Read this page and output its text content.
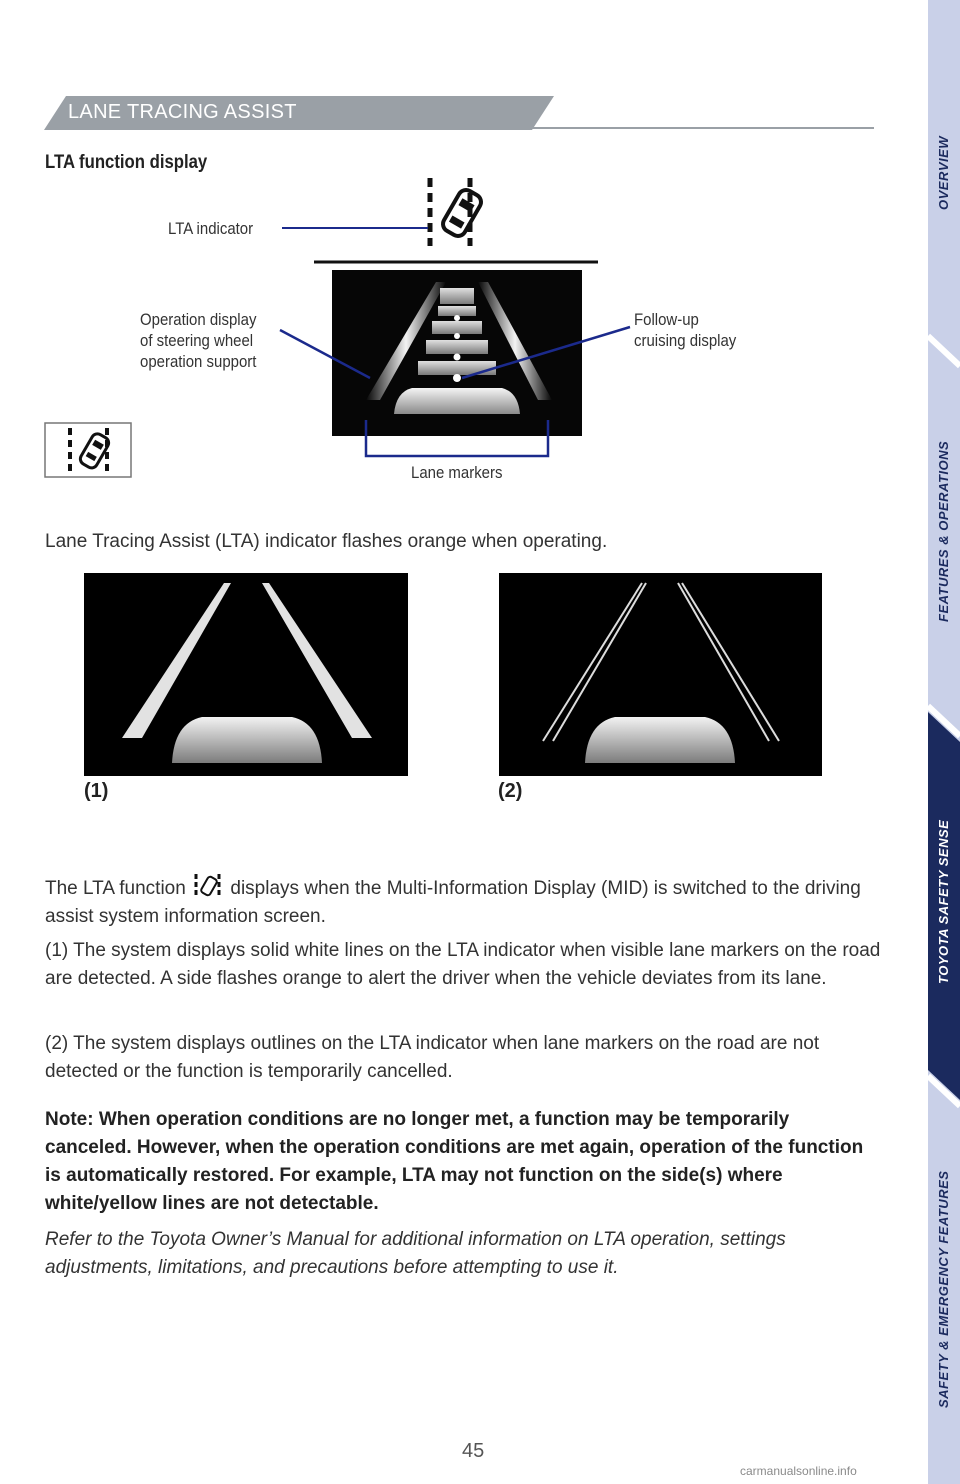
LANE TRACING ASSIST
LTA function display
LTA indicator
Operation display
of steering wheel
operation support
Follow-up
cruising display
Lane markers
Lane Tracing Assist (LTA) indicator flashes orange when operating.
(1)	(2)
The LTA function  displays when the Multi-Information Display (MID) is switched to the driving assist system information screen.
(1) The system displays solid white lines on the LTA indicator when visible lane markers on the road are detected. A side flashes orange to alert the driver when the vehicle deviates from its lane.
(2) The system displays outlines on the LTA indicator when lane markers on the road are not detected or the function is temporarily cancelled.
Note: When operation conditions are no longer met, a function may be temporarily canceled. However, when the operation conditions are met again, operation of the function is automatically restored. For example, LTA may not function on the side(s) where white/yellow lines are not detectable.
Refer to the Toyota Owner’s Manual for additional information on LTA operation, settings adjustments, limitations, and precautions before attempting to use it.
OVERVIEW
FEATURES & OPERATIONS
TOYOTA SAFETY SENSE
SAFETY & EMERGENCY FEATURES
45
carmanualsonline.info
